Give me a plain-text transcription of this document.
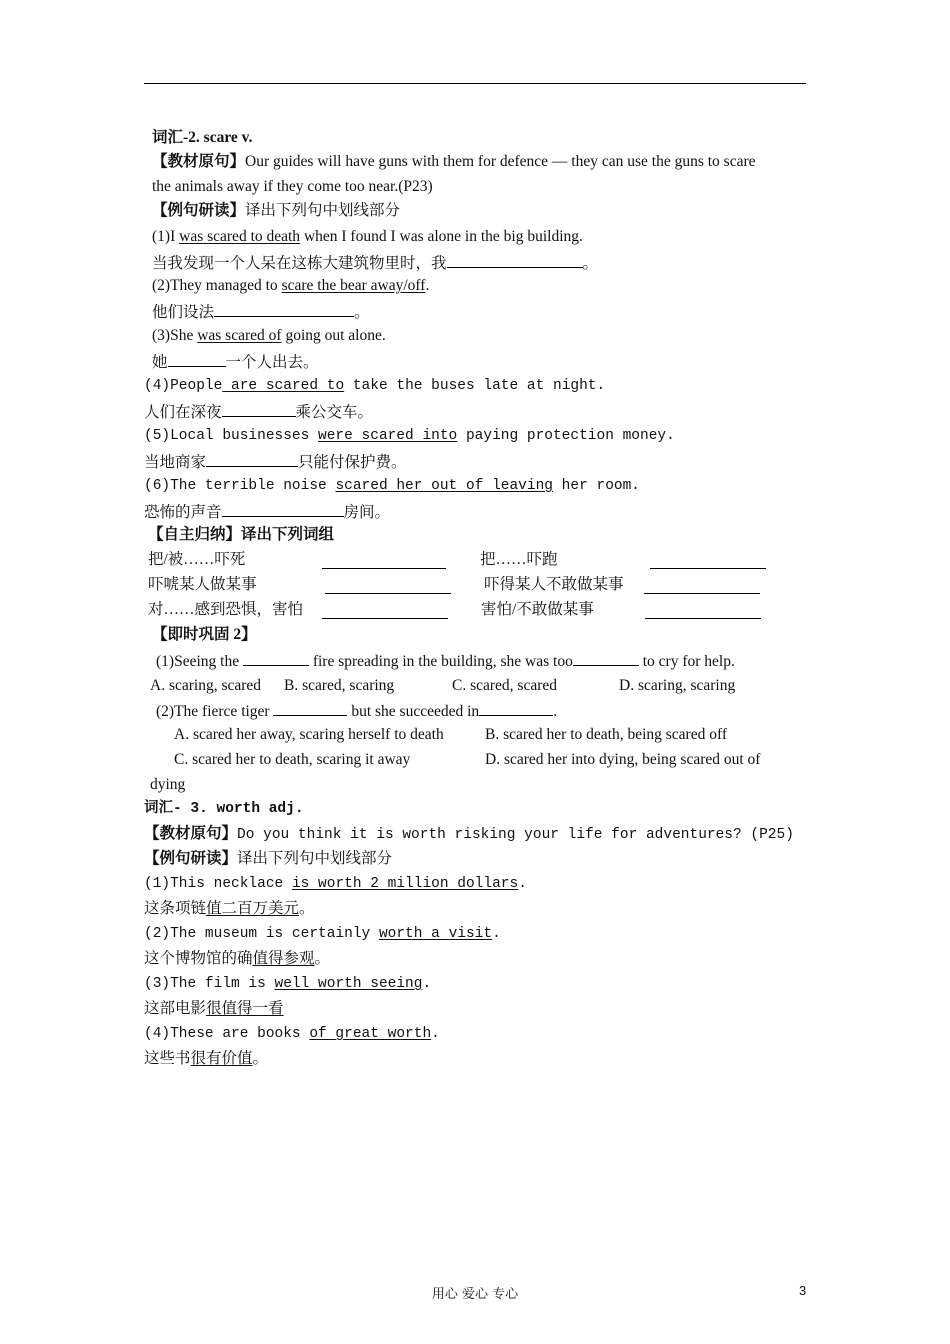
词汇-2. scare v.
【教材原句】Our guides will have guns with them for defence — they can use the guns to scare
the animals away if they come too near.(P23)
【例句研读】译出下列句中划线部分
(1)I was scared to death when I found I was alone in the big building.
当我发现一个人呆在这栋大建筑物里时，我	。
(2)They managed to scare the bear away/off.
他们设法	。
(3)She was scared of going out alone.
她	一个人出去。
(4)People are scared to take the buses late at night.
人们在深夜	乘公交车。
(5)Local businesses were scared into paying protection money.
当地商家	只能付保护费。
(6)The terrible noise scared her out of leaving her room.
恐怖的声音	房间。
【自主归纳】译出下列词组
把/被……吓死	把……吓跑
吓唬某人做某事	吓得某人不敢做某事
对……感到恐惧，害怕	害怕/不敢做某事
【即时巩固 2】
(1)Seeing the	fire spreading in the building, she was too	to cry for help.
A. scaring, scared B. scared, scaring	C. scared, scared	D. scaring, scaring
(2)The fierce tiger	but she succeeded in	.
A. scared her away, scaring herself to death	B. scared her to death, being scared off
C. scared her to death, scaring it away	D. scared her into dying, being scared out of
dying
词汇- 3. worth adj.
【教材原句】Do you think it is worth risking your life for adventures? (P25)
【例句研读】译出下列句中划线部分
(1)This necklace is worth 2 million dollars.
这条项链值二百万美元。
(2)The museum is certainly worth a visit.
这个博物馆的确值得参观。
(3)The film is well worth seeing.
这部电影很值得一看
(4)These are books of great worth.
这些书很有价值。
用心 爱心 专心	3
